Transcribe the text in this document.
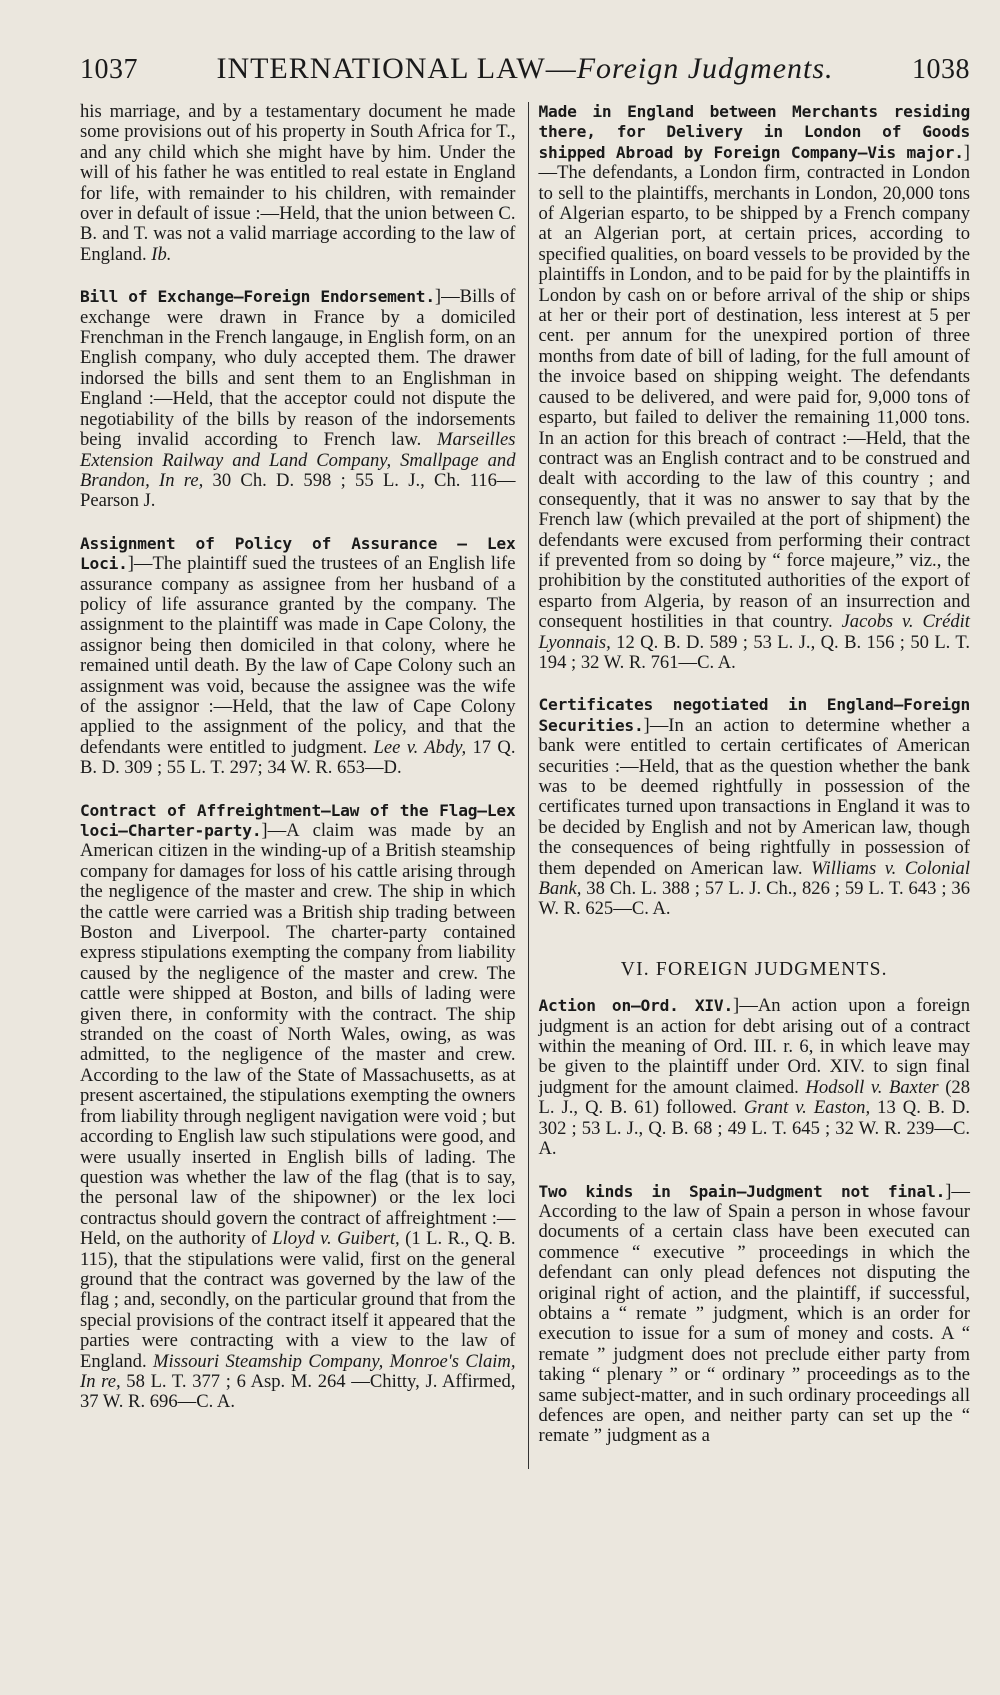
1037	INTERNATIONAL LAW—Foreign Judgments.	1038

his marriage, and by a testamentary document he made some provisions out of his property in South Africa for T., and any child which she might have by him. Under the will of his father he was entitled to real estate in England for life, with remainder to his children, with remainder over in default of issue :—Held, that the union between C. B. and T. was not a valid marriage according to the law of England. Ib.

Bill of Exchange—Foreign Endorsement.]—Bills of exchange were drawn in France by a domiciled Frenchman in the French langauge, in English form, on an English company, who duly accepted them. The drawer indorsed the bills and sent them to an Englishman in England :—Held, that the acceptor could not dispute the negotiability of the bills by reason of the indorsements being invalid according to French law. Marseilles Extension Railway and Land Company, Smallpage and Brandon, In re, 30 Ch. D. 598 ; 55 L. J., Ch. 116—Pearson J.

Assignment of Policy of Assurance — Lex Loci.]—The plaintiff sued the trustees of an English life assurance company as assignee from her husband of a policy of life assurance granted by the company. The assignment to the plaintiff was made in Cape Colony, the assignor being then domiciled in that colony, where he remained until death. By the law of Cape Colony such an assignment was void, because the assignee was the wife of the assignor :—Held, that the law of Cape Colony applied to the assignment of the policy, and that the defendants were entitled to judgment. Lee v. Abdy, 17 Q. B. D. 309 ; 55 L. T. 297; 34 W. R. 653—D.

Contract of Affreightment—Law of the Flag—Lex loci—Charter-party.]—A claim was made by an American citizen in the winding-up of a British steamship company for damages for loss of his cattle arising through the negligence of the master and crew. The ship in which the cattle were carried was a British ship trading between Boston and Liverpool. The charter-party contained express stipulations exempting the company from liability caused by the negligence of the master and crew. The cattle were shipped at Boston, and bills of lading were given there, in conformity with the contract. The ship stranded on the coast of North Wales, owing, as was admitted, to the negligence of the master and crew. According to the law of the State of Massachusetts, as at present ascertained, the stipulations exempting the owners from liability through negligent navigation were void ; but according to English law such stipulations were good, and were usually inserted in English bills of lading. The question was whether the law of the flag (that is to say, the personal law of the shipowner) or the lex loci contractus should govern the contract of affreightment :—Held, on the authority of Lloyd v. Guibert, (1 L. R., Q. B. 115), that the stipulations were valid, first on the general ground that the contract was governed by the law of the flag ; and, secondly, on the particular ground that from the special provisions of the contract itself it appeared that the parties were contracting with a view to the law of England. Missouri Steamship Company, Monroe's Claim, In re, 58 L. T. 377 ; 6 Asp. M. 264 —Chitty, J. Affirmed, 37 W. R. 696—C. A.

Made in England between Merchants residing there, for Delivery in London of Goods shipped Abroad by Foreign Company—Vis major.]—The defendants, a London firm, contracted in London to sell to the plaintiffs, merchants in London, 20,000 tons of Algerian esparto, to be shipped by a French company at an Algerian port, at certain prices, according to specified qualities, on board vessels to be provided by the plaintiffs in London, and to be paid for by the plaintiffs in London by cash on or before arrival of the ship or ships at her or their port of destination, less interest at 5 per cent. per annum for the unexpired portion of three months from date of bill of lading, for the full amount of the invoice based on shipping weight. The defendants caused to be delivered, and were paid for, 9,000 tons of esparto, but failed to deliver the remaining 11,000 tons. In an action for this breach of contract :—Held, that the contract was an English contract and to be construed and dealt with according to the law of this country ; and consequently, that it was no answer to say that by the French law (which prevailed at the port of shipment) the defendants were excused from performing their contract if prevented from so doing by “ force majeure,” viz., the prohibition by the constituted authorities of the export of esparto from Algeria, by reason of an insurrection and consequent hostilities in that country. Jacobs v. Crédit Lyonnais, 12 Q. B. D. 589 ; 53 L. J., Q. B. 156 ; 50 L. T. 194 ; 32 W. R. 761—C. A.

Certificates negotiated in England—Foreign Securities.]—In an action to determine whether a bank were entitled to certain certificates of American securities :—Held, that as the question whether the bank was to be deemed rightfully in possession of the certificates turned upon transactions in England it was to be decided by English and not by American law, though the consequences of being rightfully in possession of them depended on American law. Williams v. Colonial Bank, 38 Ch. L. 388 ; 57 L. J. Ch., 826 ; 59 L. T. 643 ; 36 W. R. 625—C. A.

VI. FOREIGN JUDGMENTS.

Action on—Ord. XIV.]—An action upon a foreign judgment is an action for debt arising out of a contract within the meaning of Ord. III. r. 6, in which leave may be given to the plaintiff under Ord. XIV. to sign final judgment for the amount claimed. Hodsoll v. Baxter (28 L. J., Q. B. 61) followed. Grant v. Easton, 13 Q. B. D. 302 ; 53 L. J., Q. B. 68 ; 49 L. T. 645 ; 32 W. R. 239—C. A.

Two kinds in Spain—Judgment not final.]—According to the law of Spain a person in whose favour documents of a certain class have been executed can commence “ executive ” proceedings in which the defendant can only plead defences not disputing the original right of action, and the plaintiff, if successful, obtains a “ remate ” judgment, which is an order for execution to issue for a sum of money and costs. A “ remate ” judgment does not preclude either party from taking “ plenary ” or “ ordinary ” proceedings as to the same subject-matter, and in such ordinary proceedings all defences are open, and neither party can set up the “ remate ” judgment as a
